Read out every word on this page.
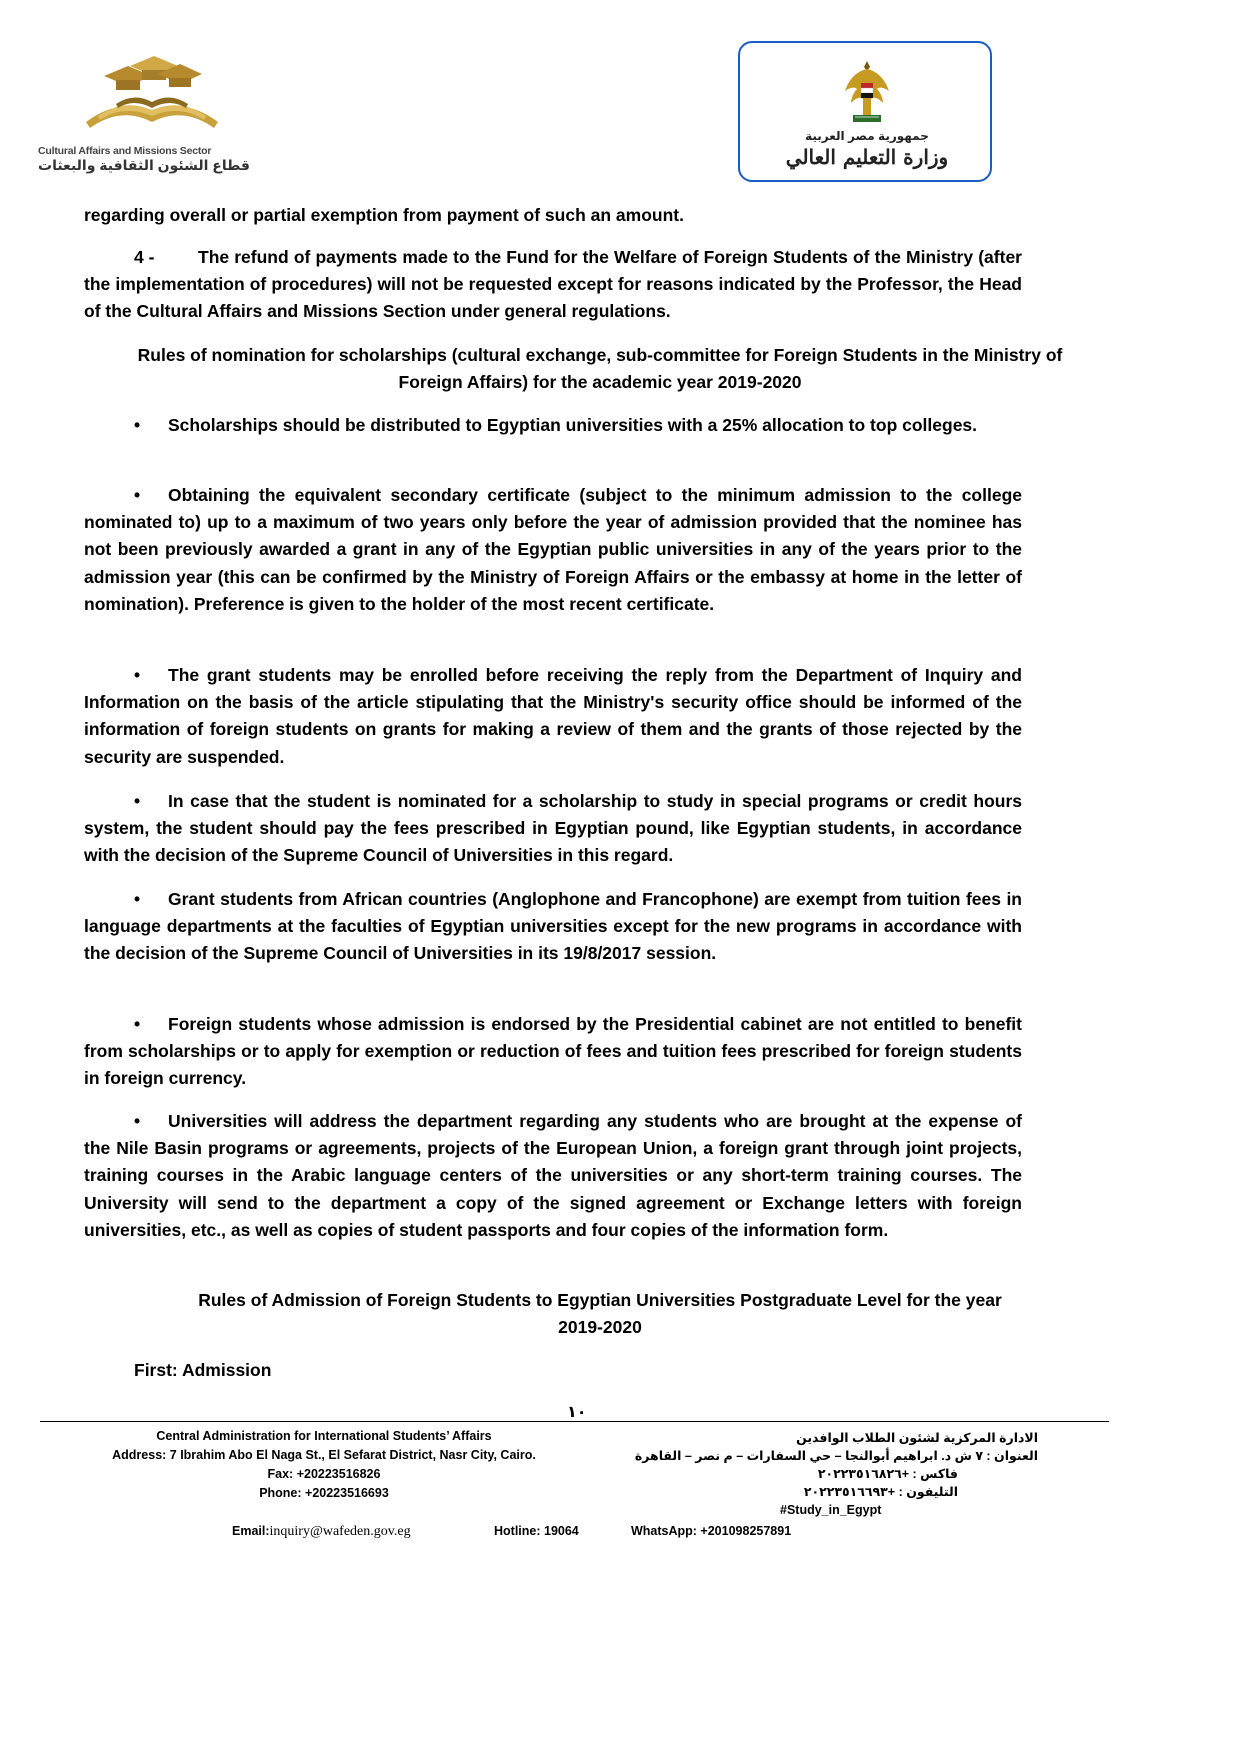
Cultural Affairs and Missions Sector
قطاع الشئون الثقافية والبعثات
جمهورية مصر العربية
وزارة التعليم العالي

regarding overall or partial exemption from payment of such an amount.

4 - The refund of payments made to the Fund for the Welfare of Foreign Students of the Ministry (after the implementation of procedures) will not be requested except for reasons indicated by the Professor, the Head of the Cultural Affairs and Missions Section under general regulations.

Rules of nomination for scholarships (cultural exchange, sub-committee for Foreign Students in the Ministry of Foreign Affairs) for the academic year 2019-2020

• Scholarships should be distributed to Egyptian universities with a 25% allocation to top colleges.

• Obtaining the equivalent secondary certificate (subject to the minimum admission to the college nominated to) up to a maximum of two years only before the year of admission provided that the nominee has not been previously awarded a grant in any of the Egyptian public universities in any of the years prior to the admission year (this can be confirmed by the Ministry of Foreign Affairs or the embassy at home in the letter of nomination). Preference is given to the holder of the most recent certificate.

• The grant students may be enrolled before receiving the reply from the Department of Inquiry and Information on the basis of the article stipulating that the Ministry's security office should be informed of the information of foreign students on grants for making a review of them and the grants of those rejected by the security are suspended.

• In case that the student is nominated for a scholarship to study in special programs or credit hours system, the student should pay the fees prescribed in Egyptian pound, like Egyptian students, in accordance with the decision of the Supreme Council of Universities in this regard.

• Grant students from African countries (Anglophone and Francophone) are exempt from tuition fees in language departments at the faculties of Egyptian universities except for the new programs in accordance with the decision of the Supreme Council of Universities in its 19/8/2017 session.

• Foreign students whose admission is endorsed by the Presidential cabinet are not entitled to benefit from scholarships or to apply for exemption or reduction of fees and tuition fees prescribed for foreign students in foreign currency.

• Universities will address the department regarding any students who are brought at the expense of the Nile Basin programs or agreements, projects of the European Union, a foreign grant through joint projects, training courses in the Arabic language centers of the universities or any short-term training courses. The University will send to the department a copy of the signed agreement or Exchange letters with foreign universities, etc., as well as copies of student passports and four copies of the information form.

Rules of Admission of Foreign Students to Egyptian Universities Postgraduate Level for the year
2019-2020

First: Admission

١٠
Central Administration for International Students’ Affairs
Address: 7 Ibrahim Abo El Naga St., El Sefarat District, Nasr City, Cairo.
Fax: +20223516826
Phone: +20223516693
الادارة المركزية لشئون الطلاب الوافدين
العنوان : ٧ ش د. ابراهيم أبوالنجا – حي السفارات – م نصر – القاهرة
فاكس : +٢٠٢٢٣٥١٦٨٢٦
التليفون : +٢٠٢٢٣٥١٦٦٩٣
#Study_in_Egypt
Email:inquiry@wafeden.gov.eg	Hotline: 19064	WhatsApp: +201098257891
